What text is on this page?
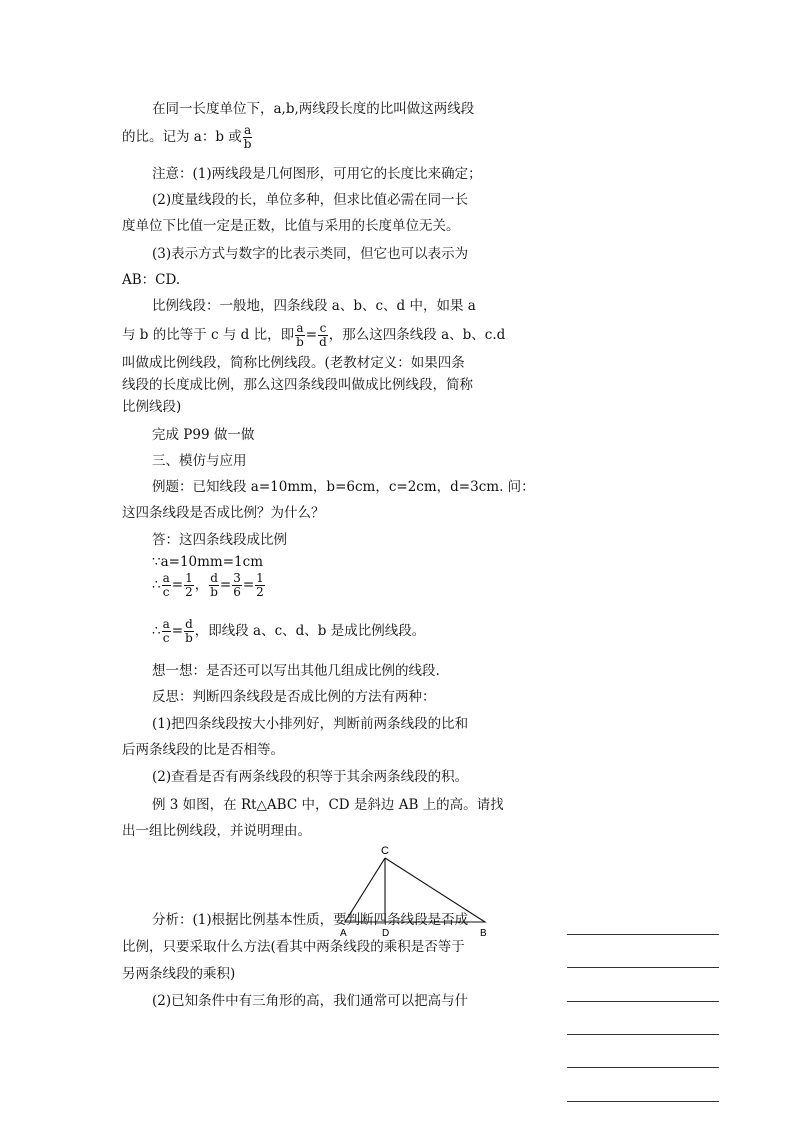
在同一长度单位下，a,b,两线段长度的比叫做这两线段
的比。记为 a：b 或 $\frac{a}{b}$
注意：(1)两线段是几何图形，可用它的长度比来确定；
(2)度量线段的长，单位多种，但求比值必需在同一长
度单位下比值一定是正数，比值与采用的长度单位无关。
(3)表示方式与数字的比表示类同，但它也可以表示为
AB：CD.
比例线段：一般地，四条线段 a、b、c、d 中，如果 a
与 b 的比等于 c 与 d 比，即 $\frac{a}{b} = \frac{c}{d}$ ，那么这四条线段 a、b、c.d
叫做成比例线段，简称比例线段。(老教材定义：如果四条
线段的长度成比例，那么这四条线段叫做成比例线段，简称
比例线段)
完成 P99 做一做
三、模仿与应用
例题：已知线段 a=10mm，b=6cm，c=2cm，d=3cm. 问：
这四条线段是否成比例？为什么？
答：这四条线段成比例
∵a=10mm=1cm
∴ $\frac{a}{c} = \frac{1}{2}$ ， $\frac{d}{b} = \frac{3}{6} = \frac{1}{2}$
∴ $\frac{a}{c} = \frac{d}{b}$ ，即线段 a、c、d、b 是成比例线段。
想一想：是否还可以写出其他几组成比例的线段.
反思：判断四条线段是否成比例的方法有两种：
(1)把四条线段按大小排列好，判断前两条线段的比和
后两条线段的比是否相等。
(2)查看是否有两条线段的积等于其余两条线段的积。
例 3 如图，在 Rt△ABC 中，CD 是斜边 AB 上的高。请找
出一组比例线段，并说明理由。
C
A	D	B
分析：(1)根据比例基本性质，要判断四条线段是否成
比例，只要采取什么方法(看其中两条线段的乘积是否等于
另两条线段的乘积)
(2)已知条件中有三角形的高，我们通常可以把高与什
